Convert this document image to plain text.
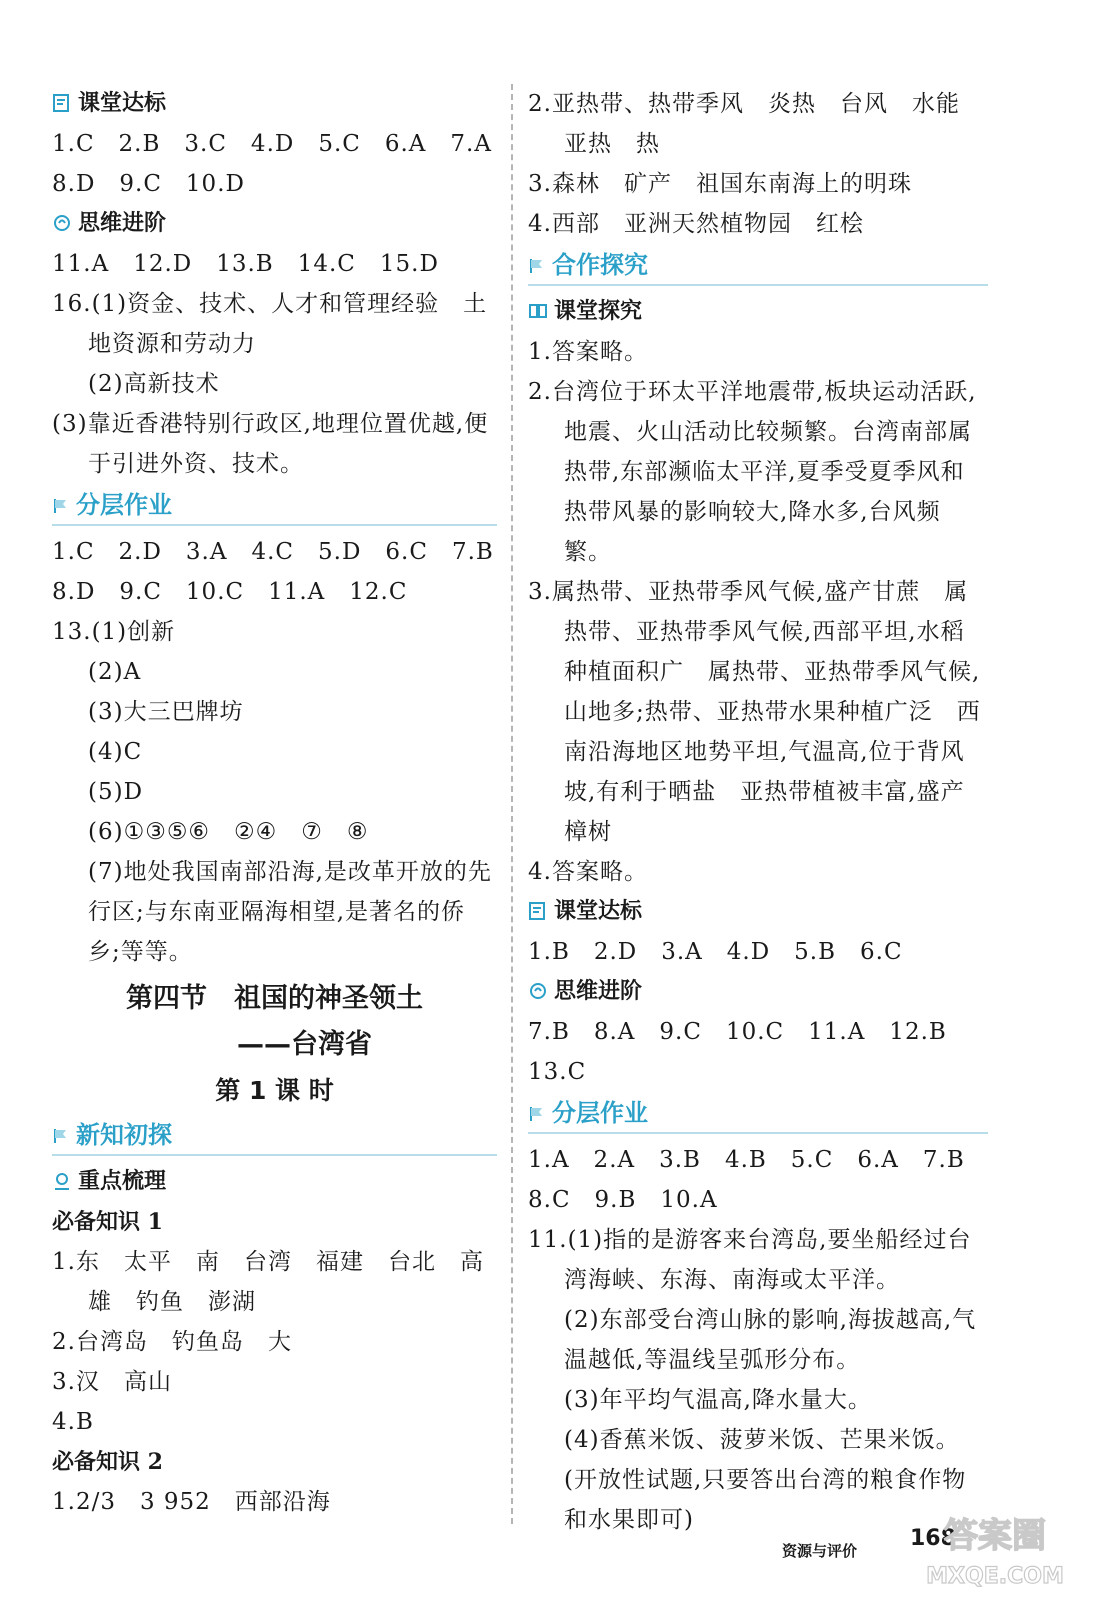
课堂达标
1.C　2.B　3.C　4.D　5.C　6.A　7.A
8.D　9.C　10.D
思维进阶
11.A　12.D　13.B　14.C　15.D
16.(1)资金、技术、人才和管理经验　土地资源和劳动力
(2)高新技术
(3)靠近香港特别行政区,地理位置优越,便于引进外资、技术。
分层作业
1.C　2.D　3.A　4.C　5.D　6.C　7.B
8.D　9.C　10.C　11.A　12.C
13.(1)创新
(2)A
(3)大三巴牌坊
(4)C
(5)D
(6)①③⑤⑥　②④　⑦　⑧
(7)地处我国南部沿海,是改革开放的先行区;与东南亚隔海相望,是著名的侨乡;等等。
第四节　祖国的神圣领土
——台湾省
第 1 课 时
新知初探
重点梳理
必备知识 1
1.东　太平　南　台湾　福建　台北　高雄　钓鱼　澎湖
2.台湾岛　钓鱼岛　大
3.汉　高山
4.B
必备知识 2
1.2/3　3 952　西部沿海
2.亚热带、热带季风　炎热　台风　水能　亚热　热
3.森林　矿产　祖国东南海上的明珠
4.西部　亚洲天然植物园　红桧
合作探究
课堂探究
1.答案略。
2.台湾位于环太平洋地震带,板块运动活跃,地震、火山活动比较频繁。台湾南部属热带,东部濒临太平洋,夏季受夏季风和热带风暴的影响较大,降水多,台风频繁。
3.属热带、亚热带季风气候,盛产甘蔗　属热带、亚热带季风气候,西部平坦,水稻种植面积广　属热带、亚热带季风气候,山地多;热带、亚热带水果种植广泛　西南沿海地区地势平坦,气温高,位于背风坡,有利于晒盐　亚热带植被丰富,盛产樟树
4.答案略。
课堂达标
1.B　2.D　3.A　4.D　5.B　6.C
思维进阶
7.B　8.A　9.C　10.C　11.A　12.B
13.C
分层作业
1.A　2.A　3.B　4.B　5.C　6.A　7.B
8.C　9.B　10.A
11.(1)指的是游客来台湾岛,要坐船经过台湾海峡、东海、南海或太平洋。
(2)东部受台湾山脉的影响,海拔越高,气温越低,等温线呈弧形分布。
(3)年平均气温高,降水量大。
(4)香蕉米饭、菠萝米饭、芒果米饭。(开放性试题,只要答出台湾的粮食作物和水果即可)
资源与评价 168
答案圈
MXQE.COM
